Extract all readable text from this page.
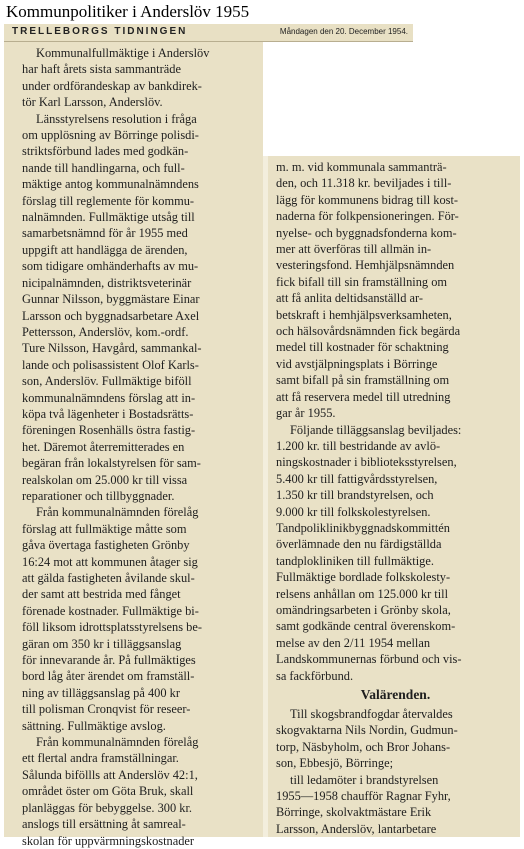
Kommunpolitiker i Anderslöv 1955
TRELLEBORGS TIDNINGEN	Måndagen den 20. December 1954.
Kommunalfullmäktige i Anderslöv
har haft årets sista sammanträde
under ordförandeskap av bankdirek-
tör Karl Larsson, Anderslöv.
Länsstyrelsens resolution i fråga
om upplösning av Börringe polisdi-
striktsförbund lades med godkän-
nande till handlingarna, och full-
mäktige antog kommunalnämndens
förslag till reglemente för kommu-
nalnämnden. Fullmäktige utsåg till
samarbetsnämnd för år 1955 med
uppgift att handlägga de ärenden,
som tidigare omhänderhafts av mu-
nicipalnämnden, distriktsveterinär
Gunnar Nilsson, byggmästare Einar
Larsson och byggnadsarbetare Axel
Pettersson, Anderslöv, kom.-ordf.
Ture Nilsson, Havgård, sammankal-
lande och polisassistent Olof Karls-
son, Anderslöv. Fullmäktige biföll
kommunalnämndens förslag att in-
köpa två lägenheter i Bostadsrätts-
föreningen Rosenhälls östra fastig-
het. Däremot återremitterades en
begäran från lokalstyrelsen för sam-
realskolan om 25.000 kr till vissa
reparationer och tillbyggnader.
Från kommunalnämnden förelåg
förslag att fullmäktige måtte som
gåva övertaga fastigheten Grönby
16:24 mot att kommunen åtager sig
att gälda fastigheten åvilande skul-
der samt att bestrida med fånget
förenade kostnader. Fullmäktige bi-
föll liksom idrottsplatsstyrelsens be-
gäran om 350 kr i tilläggsanslag
för innevarande år. På fullmäktiges
bord låg åter ärendet om framställ-
ning av tilläggsanslag på 400 kr
till polisman Cronqvist för reseer-
sättning. Fullmäktige avslog.
Från kommunalnämnden förelåg
ett flertal andra framställningar.
Sålunda biföllls att Anderslöv 42:1,
området öster om Göta Bruk, skall
planläggas för bebyggelse. 300 kr.
anslogs till ersättning åt samreal-
skolan för uppvärmningskostnader
m. m. vid kommunala sammanträ-
den, och 11.318 kr. beviljades i till-
lägg för kommunens bidrag till kost-
naderna för folkpensioneringen. För-
nyelse- och byggnadsfonderna kom-
mer att överföras till allmän in-
vesteringsfond. Hemhjälpsnämnden
fick bifall till sin framställning om
att få anlita deltidsanställd ar-
betskraft i hemhjälpsverksamheten,
och hälsovårdsnämnden fick begärda
medel till kostnader för schaktning
vid avstjälpningsplats i Börringe
samt bifall på sin framställning om
att få reservera medel till utredning
gar år 1955.
Följande tilläggsanslag beviljades:
1.200 kr. till bestridande av avlö-
ningskostnader i biblioteksstyrelsen,
5.400 kr till fattigvårdsstyrelsen,
1.350 kr till brandstyrelsen, och
9.000 kr till folkskolestyrelsen.
Tandpoliklinikbyggnadskommittén
överlämnade den nu färdigställda
tandplokliniken till fullmäktige.
Fullmäktige bordlade folkskolesty-
relsens anhållan om 125.000 kr till
omändringsarbeten i Grönby skola,
samt godkände central överenskom-
melse av den 2/11 1954 mellan
Landskommunernas förbund och vis-
sa fackförbund.
Valärenden.
Till skogsbrandfogdar återvaldes
skogvaktarna Nils Nordin, Gudmun-
torp, Näsbyholm, och Bror Johans-
son, Ebbesjö, Börringe;
till ledamöter i brandstyrelsen
1955—1958 chaufför Ragnar Fyhr,
Börringe, skolvaktmästare Erik
Larsson, Anderslöv, lantarbetare
